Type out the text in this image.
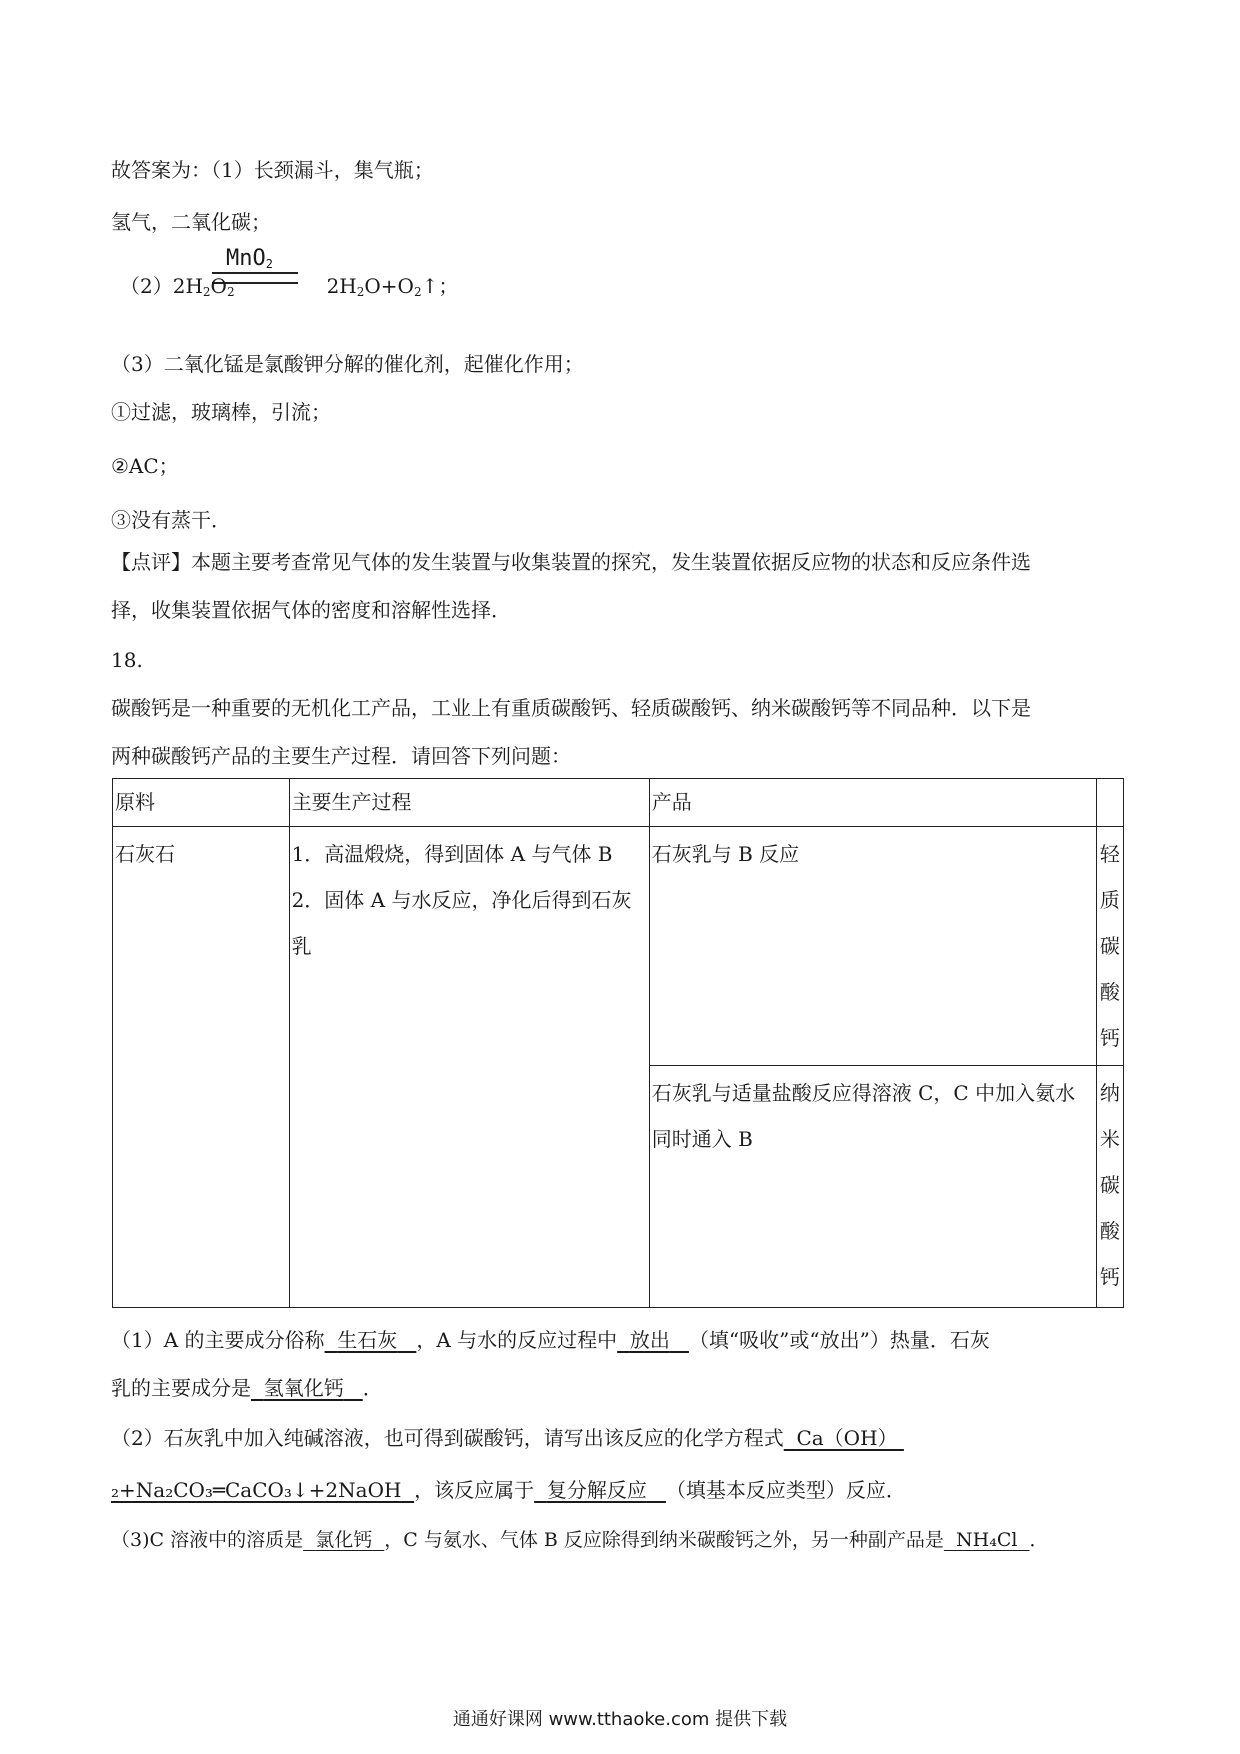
故答案为：（1）长颈漏斗，集气瓶；
氢气，二氧化碳；
MnO$_2$
$(2)2H_2O_2$	$2H_2O+O_2↑$；
（3）二氧化锰是氯酸钾分解的催化剂，起催化作用；
①过滤，玻璃棒，引流；
②AC；
③没有蒸干．
【点评】本题主要考查常见气体的发生装置与收集装置的探究，发生装置依据反应物的状态和反应条件选
择，收集装置依据气体的密度和溶解性选择．
18.
碳酸钙是一种重要的无机化工产品，工业上有重质碳酸钙、轻质碳酸钙、纳米碳酸钙等不同品种．以下是
两种碳酸钙产品的主要生产过程．请回答下列问题：
原料	主要生产过程	产品	
石灰石	1．高温煅烧，得到固体 A 与气体 B
2．固体 A 与水反应，净化后得到石灰
乳	石灰乳与 B 反应	轻质碳酸钙

		石灰乳与适量盐酸反应得溶液 C，C 中加入氨水
同时通入 B	纳米碳酸钙
（1）A 的主要成分俗称 生石灰 ，A 与水的反应过程中 放出 （填“吸收”或“放出”）热量．石灰
乳的主要成分是 氢氧化钙 ．
（2）石灰乳中加入纯碱溶液，也可得到碳酸钙，请写出该反应的化学方程式 Ca（OH）
₂+Na₂CO₃═CaCO₃↓+2NaOH ，该反应属于 复分解反应 （填基本反应类型）反应．
（3)C 溶液中的溶质是 氯化钙 ，C 与氨水、气体 B 反应除得到纳米碳酸钙之外，另一种副产品是 NH₄Cl ．
通通好课网 www.tthaoke.com 提供下载
